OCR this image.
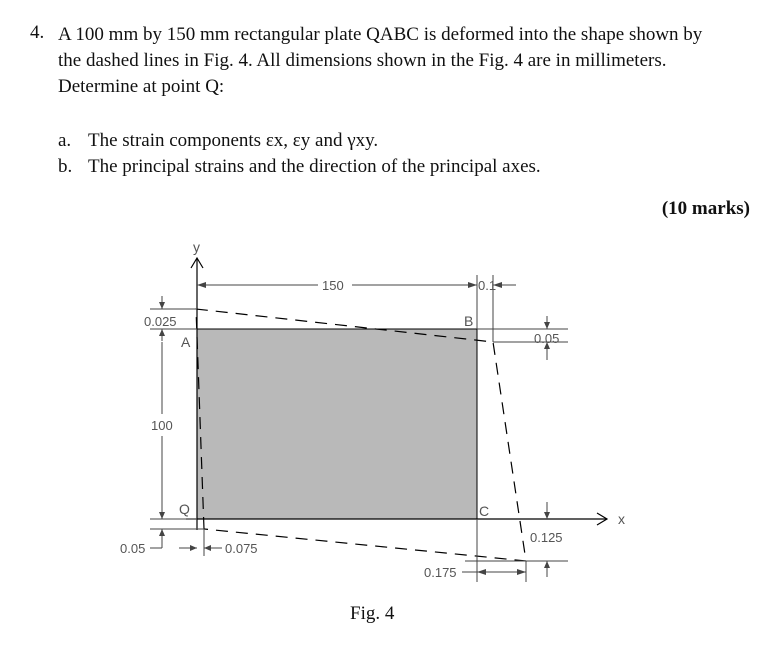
4. A 100 mm by 150 mm rectangular plate QABC is deformed into the shape shown by
the dashed lines in Fig. 4. All dimensions shown in the Fig. 4 are in millimeters.
Determine at point Q:
a. The strain components εx, εy and γxy.
b. The principal strains and the direction of the principal axes.
(10 marks)
y
x
Q
A
B
C
150	0.1
0.025
0.05
100
0.05	0.075
0.125
0.175
Fig. 4
